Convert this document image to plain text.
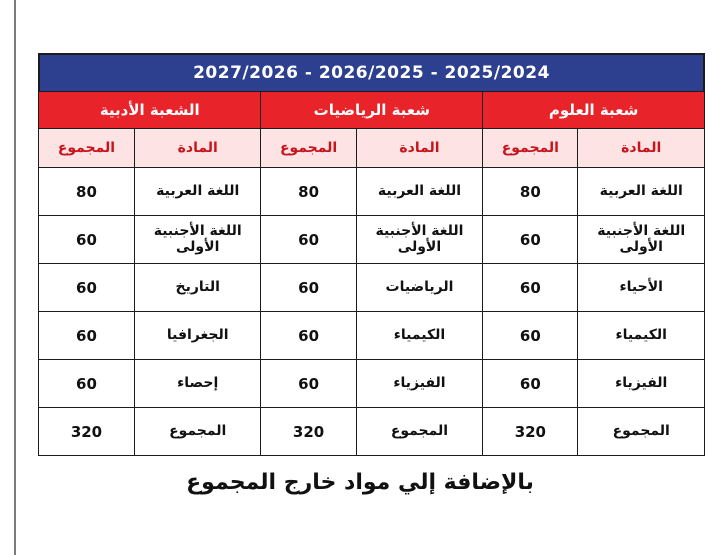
2027/2026 - 2026/2025 - 2025/2024
شعبة العلوم		شعبة الرياضيات		الشعبة الأدبية	
المادة	المجموع	المادة	المجموع	المادة	المجموع
اللغة العربية	80	اللغة العربية	80	اللغة العربية	80
اللغة الأجنبية الأولى	60	اللغة الأجنبية الأولى	60	اللغة الأجنبية الأولى	60
الأحياء	60	الرياضيات	60	التاريخ	60
الكيمياء	60	الكيمياء	60	الجغرافيا	60
الفيزياء	60	الفيزياء	60	إحصاء	60
المجموع	320	المجموع	320	المجموع	320
بالإضافة إلي مواد خارج المجموع
